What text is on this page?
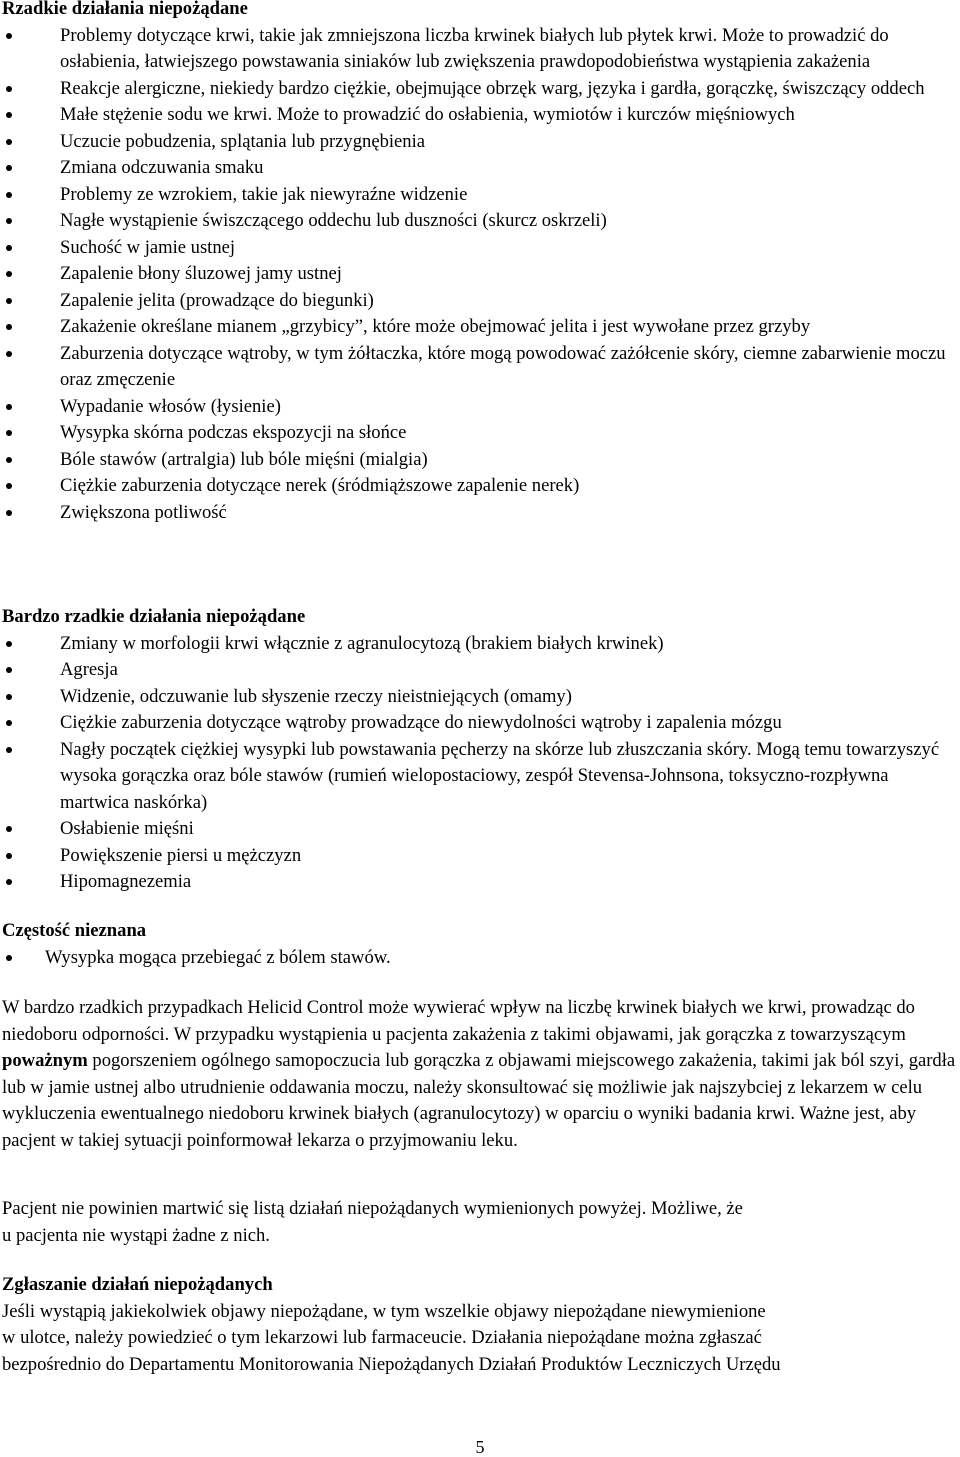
Rzadkie działania niepożądane

Problemy dotyczące krwi, takie jak zmniejszona liczba krwinek białych lub płytek krwi. Może to prowadzić do osłabienia, łatwiejszego powstawania siniaków lub zwiększenia prawdopodobieństwa wystąpienia zakażenia
Reakcje alergiczne, niekiedy bardzo ciężkie, obejmujące obrzęk warg, języka i gardła, gorączkę, świszczący oddech
Małe stężenie sodu we krwi. Może to prowadzić do osłabienia, wymiotów i kurczów mięśniowych
Uczucie pobudzenia, splątania lub przygnębienia
Zmiana odczuwania smaku
Problemy ze wzrokiem, takie jak niewyraźne widzenie
Nagłe wystąpienie świszczącego oddechu lub duszności (skurcz oskrzeli)
Suchość w jamie ustnej
Zapalenie błony śluzowej jamy ustnej
Zapalenie jelita (prowadzące do biegunki)
Zakażenie określane mianem „grzybicy”, które może obejmować jelita i jest wywołane przez grzyby
Zaburzenia dotyczące wątroby, w tym żółtaczka, które mogą powodować zażółcenie skóry, ciemne zabarwienie moczu oraz zmęczenie
Wypadanie włosów (łysienie)
Wysypka skórna podczas ekspozycji na słońce
Bóle stawów (artralgia) lub bóle mięśni (mialgia)
Ciężkie zaburzenia dotyczące nerek (śródmiąższowe zapalenie nerek)
Zwiększona potliwość

Bardzo rzadkie działania niepożądane

Zmiany w morfologii krwi włącznie z agranulocytozą (brakiem białych krwinek)
Agresja
Widzenie, odczuwanie lub słyszenie rzeczy nieistniejących (omamy)
Ciężkie zaburzenia dotyczące wątroby prowadzące do niewydolności wątroby i zapalenia mózgu
Nagły początek ciężkiej wysypki lub powstawania pęcherzy na skórze lub złuszczania skóry. Mogą temu towarzyszyć wysoka gorączka oraz bóle stawów (rumień wielopostaciowy, zespół Stevensa-Johnsona, toksyczno-rozpływna martwica naskórka)
Osłabienie mięśni
Powiększenie piersi u mężczyzn
Hipomagnezemia

Częstość nieznana

Wysypka mogąca przebiegać z bólem stawów.

W bardzo rzadkich przypadkach Helicid Control może wywierać wpływ na liczbę krwinek białych we krwi, prowadząc do niedoboru odporności. W przypadku wystąpienia u pacjenta zakażenia z takimi objawami, jak gorączka z towarzyszącym poważnym pogorszeniem ogólnego samopoczucia lub gorączka z objawami miejscowego zakażenia, takimi jak ból szyi, gardła lub w jamie ustnej albo utrudnienie oddawania moczu, należy skonsultować się możliwie jak najszybciej z lekarzem w celu wykluczenia ewentualnego niedoboru krwinek białych (agranulocytozy) w oparciu o wyniki badania krwi. Ważne jest, aby pacjent w takiej sytuacji poinformował lekarza o przyjmowaniu leku.

Pacjent nie powinien martwić się listą działań niepożądanych wymienionych powyżej. Możliwe, że

u pacjenta nie wystąpi żadne z nich.

Zgłaszanie działań niepożądanych

Jeśli wystąpią jakiekolwiek objawy niepożądane, w tym wszelkie objawy niepożądane niewymienione

w ulotce, należy powiedzieć o tym lekarzowi lub farmaceucie. Działania niepożądane można zgłaszać

bezpośrednio do Departamentu Monitorowania Niepożądanych Działań Produktów Leczniczych Urzędu

5
